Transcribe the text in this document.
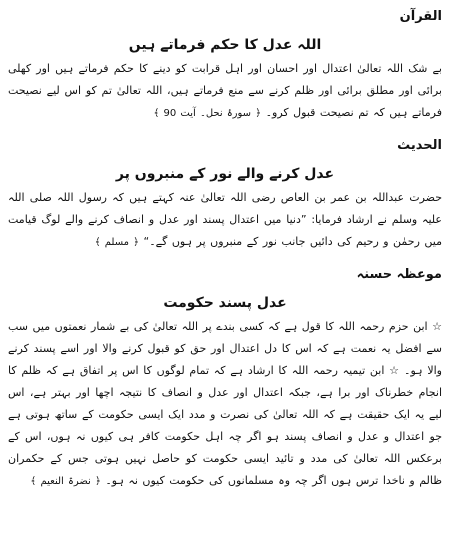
القرآن
اللہ عدل کا حکم فرماتے ہیں

بے شک اللہ تعالیٰ اعتدال اور احسان اور اہل قرابت کو دینے کا حکم فرماتے ہیں اور کھلی برائی اور مطلق برائی اور ظلم کرنے سے منع فرماتے ہیں، اللہ تعالیٰ تم کو اس لیے نصیحت فرماتے ہیں کہ تم نصیحت قبول کرو۔ ﴿ سورۂ نحل۔ آیت 90 ﴾

الحدیث
عدل کرنے والے نور کے منبروں پر

حضرت عبداللہ بن عمر بن العاص رضی اللہ تعالیٰ عنہ کہتے ہیں کہ رسول اللہ صلی اللہ علیہ وسلم نے ارشاد فرمایا: ”دنیا میں اعتدال پسند اور عدل و انصاف کرنے والے لوگ قیامت میں رحمٰن و رحیم کی دائیں جانب نور کے منبروں پر ہوں گے۔“ ﴿ مسلم ﴾

موعظہ حسنہ
عدل پسند حکومت

☆ ابن حزم رحمہ اللہ کا قول ہے کہ کسی بندے پر اللہ تعالیٰ کی بے شمار نعمتوں میں سب سے افضل یہ نعمت ہے کہ اس کا دل اعتدال اور حق کو قبول کرنے والا اور اسے پسند کرنے والا ہو۔ ☆ ابن تیمیہ رحمہ اللہ کا ارشاد ہے کہ تمام لوگوں کا اس پر اتفاق ہے کہ ظلم کا انجام خطرناک اور برا ہے، جبکہ اعتدال اور عدل و انصاف کا نتیجہ اچھا اور بہتر ہے، اس لیے یہ ایک حقیقت ہے کہ اللہ تعالیٰ کی نصرت و مدد ایک ایسی حکومت کے ساتھ ہوتی ہے جو اعتدال و عدل و انصاف پسند ہو اگر چہ اہل حکومت کافر ہی کیوں نہ ہوں، اس کے برعکس اللہ تعالیٰ کی مدد و تائید ایسی حکومت کو حاصل نہیں ہوتی جس کے حکمران ظالم و ناخدا ترس ہوں اگر چہ وہ مسلمانوں کی حکومت کیوں نہ ہو۔ ﴿ نضرۃ النعیم ﴾
